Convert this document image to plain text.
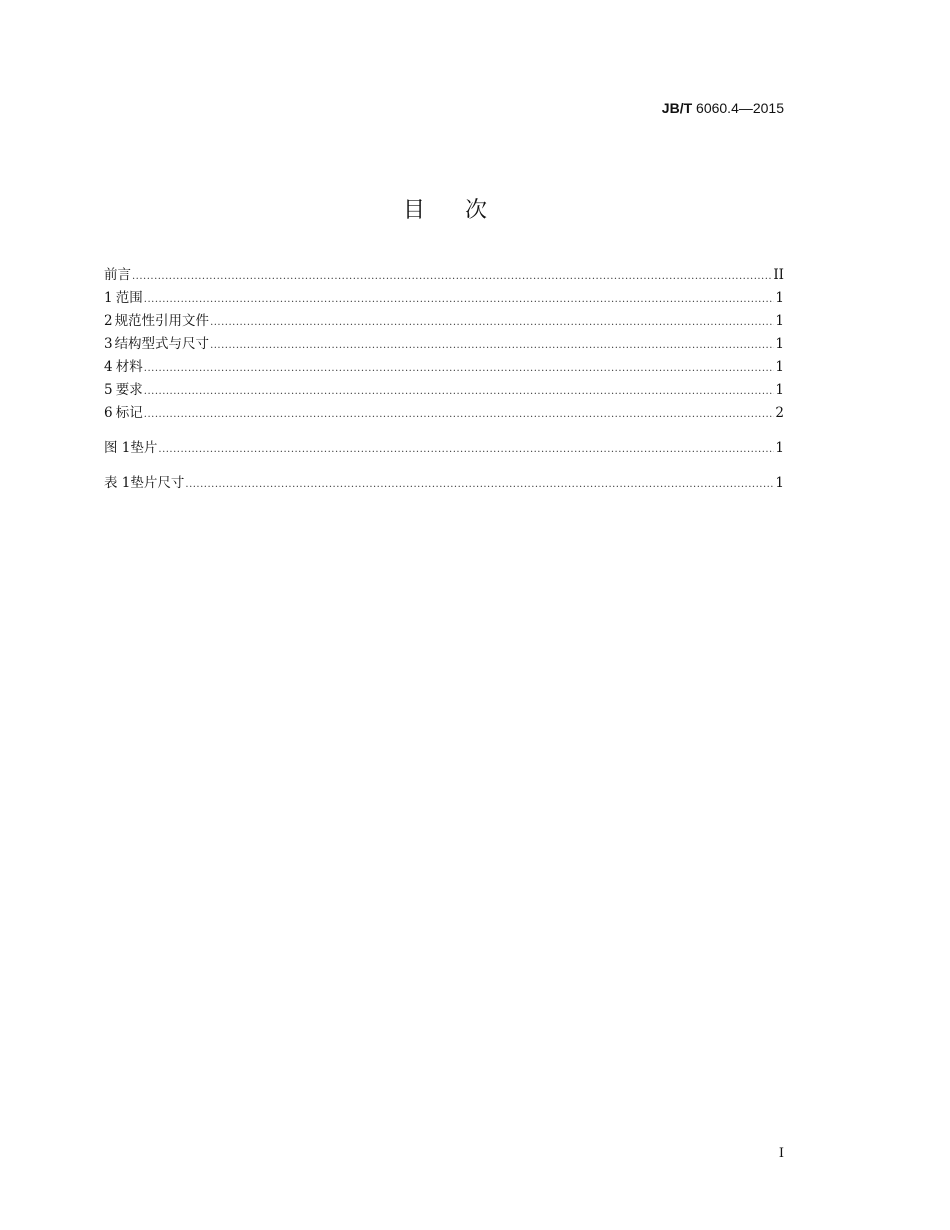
JB/T 6060.4—2015
目次
前言 .....	II
1 范围 .....	1
2 规范性引用文件 .....	1
3 结构型式与尺寸 .....	1
4 材料 .....	1
5 要求 .....	1
6 标记 .....	2
图 1 垫片 .....	1
表 1 垫片尺寸 .....	1
I
